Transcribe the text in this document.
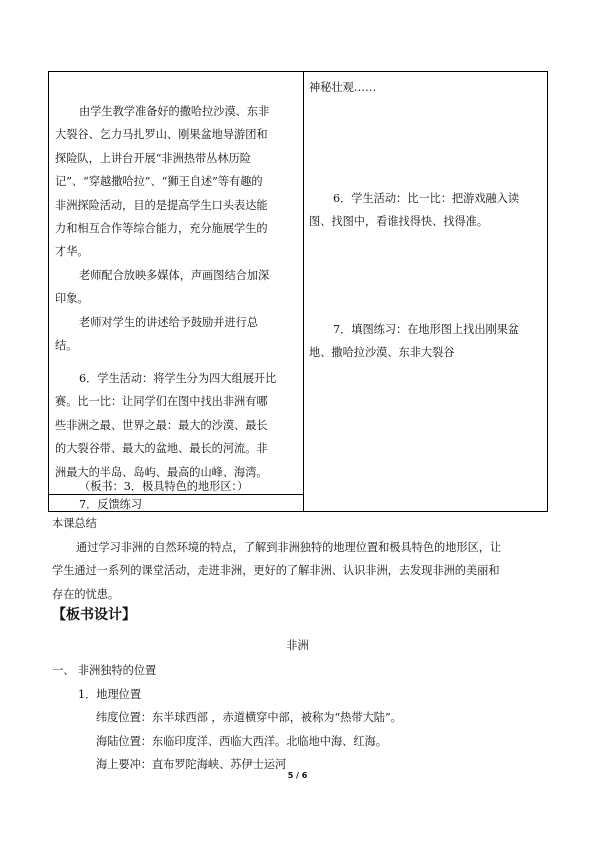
由学生教学准备好的撒哈拉沙漠、东非
大裂谷、乞力马扎罗山、刚果盆地导游团和
探险队，上讲台开展“非洲热带丛林历险
记”、“穿越撒哈拉”、“狮王自述”等有趣的
非洲探险活动，目的是提高学生口头表达能
力和相互合作等综合能力，充分施展学生的
才华。
老师配合放映多媒体，声画图结合加深
印象。
老师对学生的讲述给予鼓励并进行总
结。
6．学生活动：将学生分为四大组展开比
赛。比一比：让同学们在图中找出非洲有哪
些非洲之最、世界之最：最大的沙漠、最长
的大裂谷带、最大的盆地、最长的河流。非
洲最大的半岛、岛屿、最高的山峰、海湾。
（板书：3．极具特色的地形区：）
7．反馈练习
神秘壮观……
6．学生活动：比一比：把游戏融入读
图、找图中，看谁找得快、找得准。
7．填图练习：在地形图上找出刚果盆
地、撒哈拉沙漠、东非大裂谷
本课总结
通过学习非洲的自然环境的特点，了解到非洲独特的地理位置和极具特色的地形区，让
学生通过一系列的课堂活动，走进非洲，更好的了解非洲、认识非洲，去发现非洲的美丽和
存在的忧患。
【板书设计】
非洲
一、 非洲独特的位置
1．地理位置
纬度位置：东半球西部 ，赤道横穿中部，被称为“热带大陆”。
海陆位置：东临印度洋、西临大西洋。北临地中海、红海。
海上要冲：直布罗陀海峡、苏伊士运河
5 / 6
